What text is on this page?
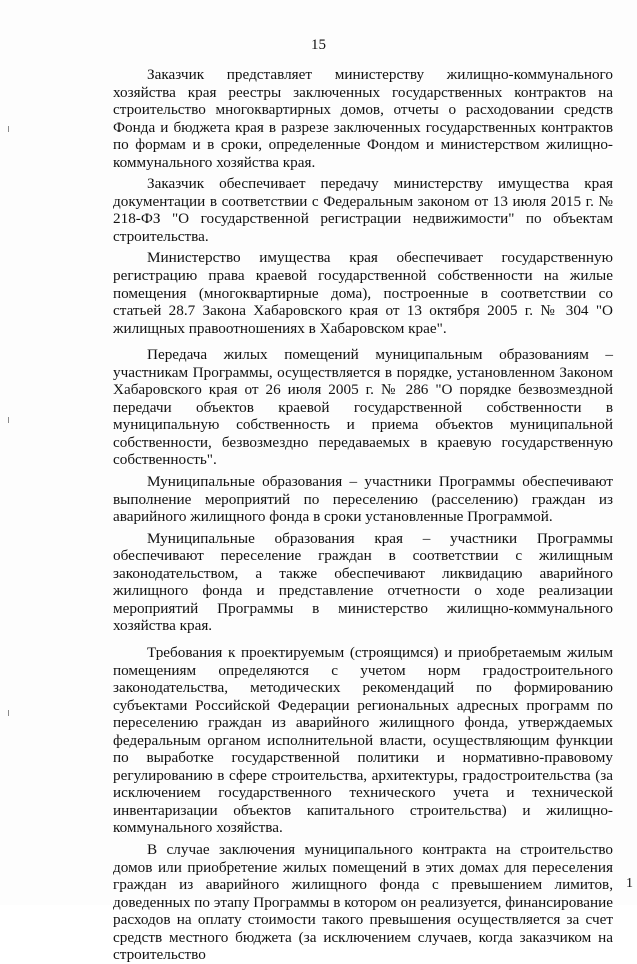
15

Заказчик представляет министерству жилищно-коммунального хозяйства края реестры заключенных государственных контрактов на строительство многоквартирных домов, отчеты о расходовании средств Фонда и бюджета края в разрезе заключенных государственных контрактов по формам и в сроки, определенные Фондом и министерством жилищно-коммунального хозяйства края.

Заказчик обеспечивает передачу министерству имущества края документации в соответствии с Федеральным законом от 13 июля 2015 г. № 218-ФЗ "О государственной регистрации недвижимости" по объектам строительства.

Министерство имущества края обеспечивает государственную регистрацию права краевой государственной собственности на жилые помещения (многоквартирные дома), построенные в соответствии со статьей 28.7 Закона Хабаровского края от 13 октября 2005 г. № 304 "О жилищных правоотношениях в Хабаровском крае".

Передача жилых помещений муниципальным образованиям – участникам Программы, осуществляется в порядке, установленном Законом Хабаровского края от 26 июля 2005 г. № 286 "О порядке безвозмездной передачи объектов краевой государственной собственности в муниципальную собственность и приема объектов муниципальной собственности, безвозмездно передаваемых в краевую государственную собственность".

Муниципальные образования – участники Программы обеспечивают выполнение мероприятий по переселению (расселению) граждан из аварийного жилищного фонда в сроки установленные Программой.

Муниципальные образования края – участники Программы обеспечивают переселение граждан в соответствии с жилищным законодательством, а также обеспечивают ликвидацию аварийного жилищного фонда и представление отчетности о ходе реализации мероприятий Программы в министерство жилищно-коммунального хозяйства края.

Требования к проектируемым (строящимся) и приобретаемым жилым помещениям определяются с учетом норм градостроительного законодательства, методических рекомендаций по формированию субъектами Российской Федерации региональных адресных программ по переселению граждан из аварийного жилищного фонда, утверждаемых федеральным органом исполнительной власти, осуществляющим функции по выработке государственной политики и нормативно-правовому регулированию в сфере строительства, архитектуры, градостроительства (за исключением государственного технического учета и технической инвентаризации объектов капитального строительства) и жилищно-коммунального хозяйства.

В случае заключения муниципального контракта на строительство домов или приобретение жилых помещений в этих домах для переселения граждан из аварийного жилищного фонда с превышением лимитов, доведенных по этапу Программы в котором он реализуется, финансирование расходов на оплату стоимости такого превышения осуществляется за счет средств местного бюджета (за исключением случаев, когда заказчиком на строительство

1
